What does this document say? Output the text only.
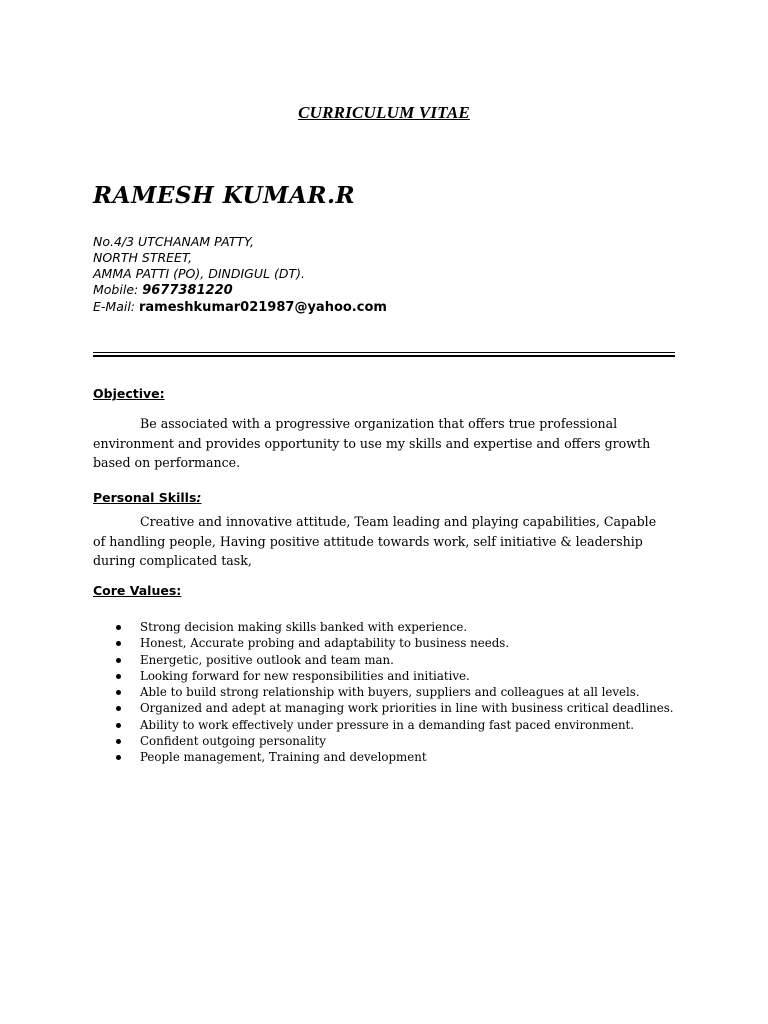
CURRICULUM VITAE
RAMESH KUMAR.R
No.4/3 UTCHANAM PATTY,
NORTH STREET,
AMMA PATTI (PO), DINDIGUL (DT).
Mobile: 9677381220
E-Mail: rameshkumar021987@yahoo.com
Objective:
Be associated with a progressive organization that offers true professional
environment and provides opportunity to use my skills and expertise and offers growth
based on performance.
Personal Skills:
Creative and innovative attitude, Team leading and playing capabilities, Capable
of handling people, Having positive attitude towards work, self initiative & leadership
during complicated task,
Core Values:
Strong decision making skills banked with experience.
Honest, Accurate probing and adaptability to business needs.
Energetic, positive outlook and team man.
Looking forward for new responsibilities and initiative.
Able to build strong relationship with buyers, suppliers and colleagues at all levels.
Organized and adept at managing work priorities in line with business critical deadlines.
Ability to work effectively under pressure in a demanding fast paced environment.
Confident outgoing personality
People management, Training and development
